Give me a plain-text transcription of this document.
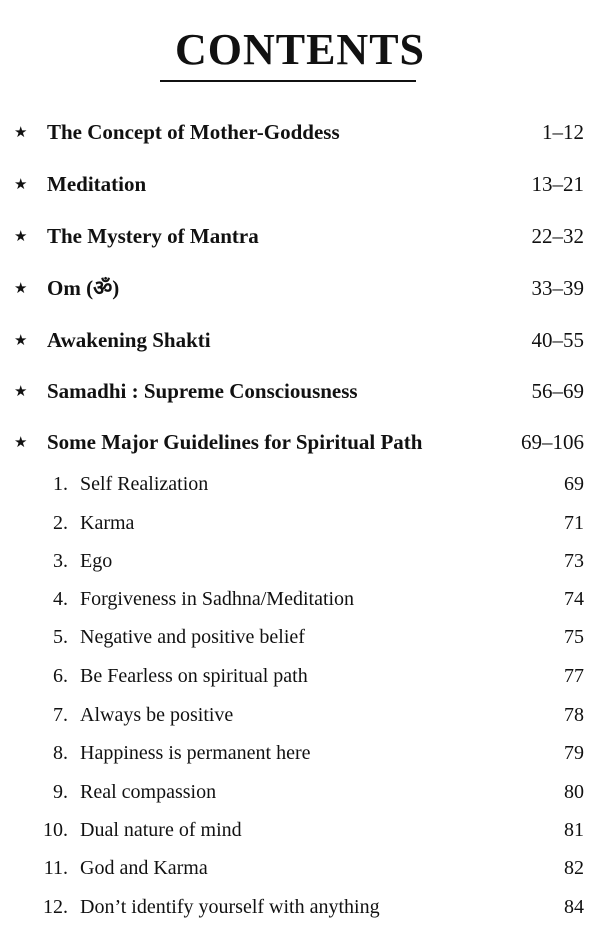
CONTENTS
★ The Concept of Mother-Goddess	1–12
★ Meditation	13–21
★ The Mystery of Mantra	22–32
★ Om (ॐ)	33–39
★ Awakening Shakti	40–55
★ Samadhi : Supreme Consciousness	56–69
★ Some Major Guidelines for Spiritual Path	69–106
1. Self Realization	69
2. Karma	71
3. Ego	73
4. Forgiveness in Sadhna/Meditation	74
5. Negative and positive belief	75
6. Be Fearless on spiritual path	77
7. Always be positive	78
8. Happiness is permanent here	79
9. Real compassion	80
10. Dual nature of mind	81
11. God and Karma	82
12. Don’t identify yourself with anything	84
